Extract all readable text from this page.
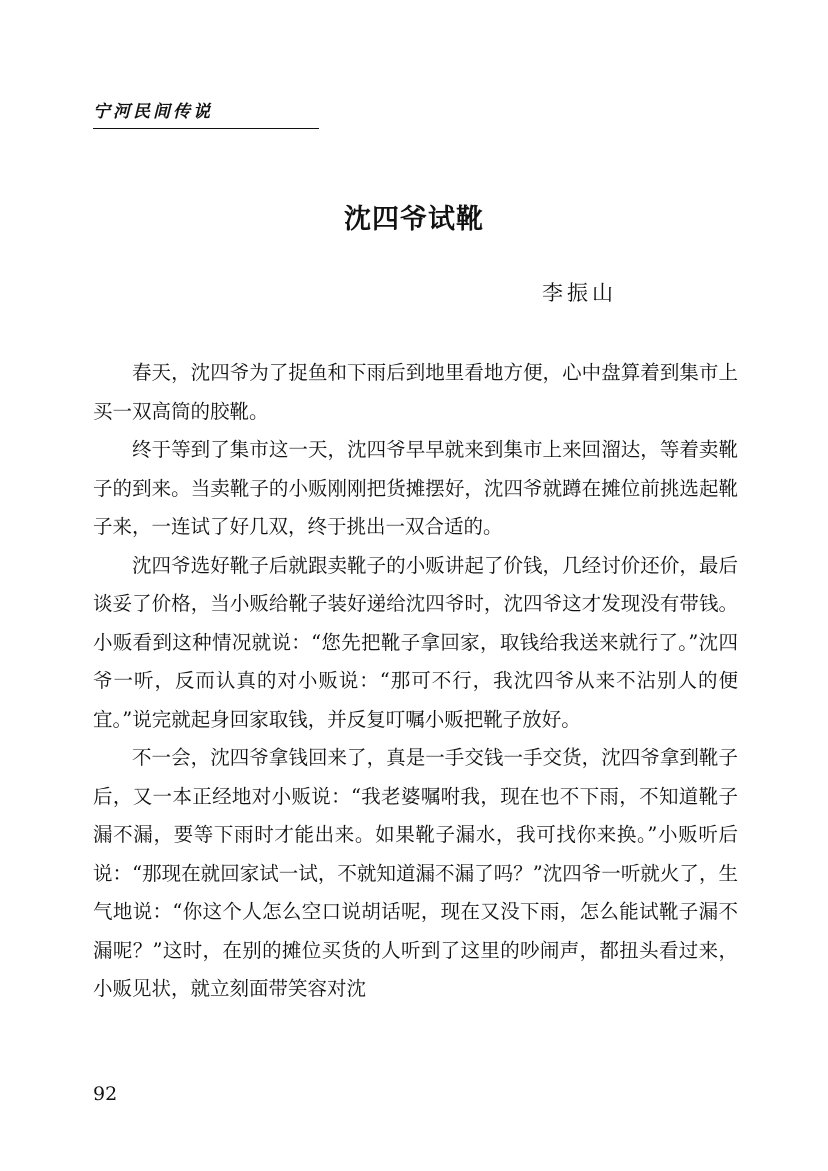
宁河民间传说
沈四爷试靴
李振山

春天，沈四爷为了捉鱼和下雨后到地里看地方便，心中盘算着到集市上买一双高筒的胶靴。

终于等到了集市这一天，沈四爷早早就来到集市上来回溜达，等着卖靴子的到来。当卖靴子的小贩刚刚把货摊摆好，沈四爷就蹲在摊位前挑选起靴子来，一连试了好几双，终于挑出一双合适的。

沈四爷选好靴子后就跟卖靴子的小贩讲起了价钱，几经讨价还价，最后谈妥了价格，当小贩给靴子装好递给沈四爷时，沈四爷这才发现没有带钱。小贩看到这种情况就说：“您先把靴子拿回家，取钱给我送来就行了。”沈四爷一听，反而认真的对小贩说：“那可不行，我沈四爷从来不沾别人的便宜。”说完就起身回家取钱，并反复叮嘱小贩把靴子放好。

不一会，沈四爷拿钱回来了，真是一手交钱一手交货，沈四爷拿到靴子后，又一本正经地对小贩说：“我老婆嘱咐我，现在也不下雨，不知道靴子漏不漏，要等下雨时才能出来。如果靴子漏水，我可找你来换。”小贩听后说：“那现在就回家试一试，不就知道漏不漏了吗？”沈四爷一听就火了，生气地说：“你这个人怎么空口说胡话呢，现在又没下雨，怎么能试靴子漏不漏呢？”这时，在别的摊位买货的人听到了这里的吵闹声，都扭头看过来，小贩见状，就立刻面带笑容对沈

92
